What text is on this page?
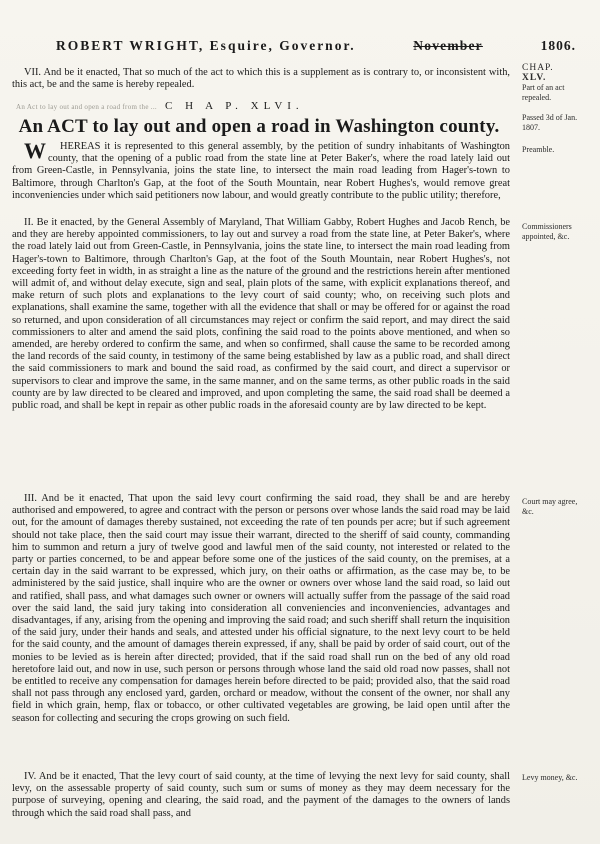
ROBERT WRIGHT, Esquire, Governor.	November	1806.

VII. And be it enacted, That so much of the act to which this is a supplement as is contrary to, or inconsistent with, this act, be and the same is hereby repealed.

An Act to lay out and open a road from the ... C H A P. XLVI.
An ACT to lay out and open a road in Washington county.

WHEREAS it is represented to this general assembly, by the petition of sundry inhabitants of Washington county, that the opening of a public road from the state line at Peter Baker's, where the road lately laid out from Green-Castle, in Pennsylvania, joins the state line, to intersect the main road leading from Hager's-town to Baltimore, through Charlton's Gap, at the foot of the South Mountain, near Robert Hughes's, would remove great inconveniencies under which said petitioners now labour, and would greatly contribute to the public utility; therefore,

II. Be it enacted, by the General Assembly of Maryland, That William Gabby, Robert Hughes and Jacob Rench, be and they are hereby appointed commissioners, to lay out and survey a road from the state line, at Peter Baker's, where the road lately laid out from Green-Castle, in Pennsylvania, joins the state line, to intersect the main road leading from Hager's-town to Baltimore, through Charlton's Gap, at the foot of the South Mountain, near Robert Hughes's, not exceeding forty feet in width, in as straight a line as the nature of the ground and the restrictions herein after mentioned will admit of, and without delay execute, sign and seal, plain plots of the same, with explicit explanations thereof, and make return of such plots and explanations to the levy court of said county; who, on receiving such plots and explanations, shall examine the same, together with all the evidence that shall or may be offered for or against the road so returned, and upon consideration of all circumstances may reject or confirm the said report, and may direct the said commissioners to alter and amend the said plots, confining the said road to the points above mentioned, and when so amended, are hereby ordered to confirm the same, and when so confirmed, shall cause the same to be recorded among the land records of the said county, in testimony of the same being established by law as a public road, and shall direct the said commissioners to mark and bound the said road, as confirmed by the said court, and direct a supervisor or supervisors to clear and improve the same, in the same manner, and on the same terms, as other public roads in the said county are by law directed to be cleared and improved, and upon completing the same, the said road shall be deemed a public road, and shall be kept in repair as other public roads in the aforesaid county are by law directed to be kept.

III. And be it enacted, That upon the said levy court confirming the said road, they shall be and are hereby authorised and empowered, to agree and contract with the person or persons over whose lands the said road may be laid out, for the amount of damages thereby sustained, not exceeding the rate of ten pounds per acre; but if such agreement should not take place, then the said court may issue their warrant, directed to the sheriff of said county, commanding him to summon and return a jury of twelve good and lawful men of the said county, not interested or related to the party or parties concerned, to be and appear before some one of the justices of the said county, on the premises, at a certain day in the said warrant to be expressed, which jury, on their oaths or affirmation, as the case may be, to be administered by the said justice, shall inquire who are the owner or owners over whose land the said road, so laid out and ratified, shall pass, and what damages such owner or owners will actually suffer from the passage of the said road over the said land, the said jury taking into consideration all conveniencies and inconveniencies, advantages and disadvantages, if any, arising from the opening and improving the said road; and such sheriff shall return the inquisition of the said jury, under their hands and seals, and attested under his official signature, to the next levy court to be held for the said county, and the amount of damages therein expressed, if any, shall be paid by order of said court, out of the monies to be levied as is herein after directed; provided, that if the said road shall run on the bed of any old road heretofore laid out, and now in use, such person or persons through whose land the said old road now passes, shall not be entitled to receive any compensation for damages herein before directed to be paid; provided also, that the said road shall not pass through any enclosed yard, garden, orchard or meadow, without the consent of the owner, nor shall any field in which grain, hemp, flax or tobacco, or other cultivated vegetables are growing, be laid open until after the season for collecting and securing the crops growing on such field.

IV. And be it enacted, That the levy court of said county, at the time of levying the next levy for said county, shall levy, on the assessable property of said county, such sum or sums of money as they may deem necessary for the purpose of surveying, opening and clearing, the said road, and the payment of the damages to the owners of lands through which the said road shall pass, and

CHAP.
XLV.
Part of an act repealed.
Passed 3d of Jan. 1807.
Preamble.
Commissioners appointed, &c.
Court may agree, &c.
Levy money, &c.
